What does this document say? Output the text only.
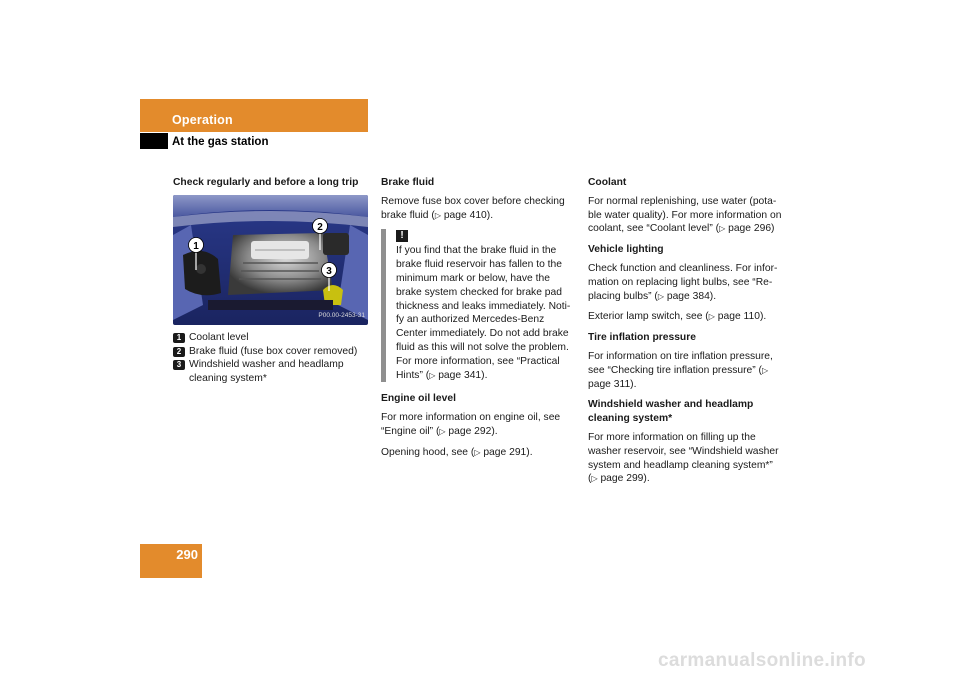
Operation
At the gas station

Check regularly and before a long trip

1
2
3
P00.00-2453-31
1 Coolant level
2 Brake fluid (fuse box cover removed)
3 Windshield washer and headlamp cleaning system*

Brake fluid

Remove fuse box cover before checking brake fluid (▷ page 410).

!

If you find that the brake fluid in the brake fluid reservoir has fallen to the minimum mark or below, have the brake system checked for brake pad thickness and leaks immediately. Noti-fy an authorized Mercedes-Benz Center immediately. Do not add brake fluid as this will not solve the problem. For more information, see “Practical Hints” (▷ page 341).

Engine oil level

For more information on engine oil, see “Engine oil” (▷ page 292).

Opening hood, see (▷ page 291).

Coolant

For normal replenishing, use water (pota-ble water quality). For more information on coolant, see “Coolant level” (▷ page 296)

Vehicle lighting

Check function and cleanliness. For infor-mation on replacing light bulbs, see “Re-placing bulbs” (▷ page 384).

Exterior lamp switch, see (▷ page 110).

Tire inflation pressure

For information on tire inflation pressure, see “Checking tire inflation pressure” (▷ page 311).

Windshield washer and headlamp cleaning system*

For more information on filling up the washer reservoir, see “Windshield washer system and headlamp cleaning system*” (▷ page 299).

290
carmanualsonline.info
